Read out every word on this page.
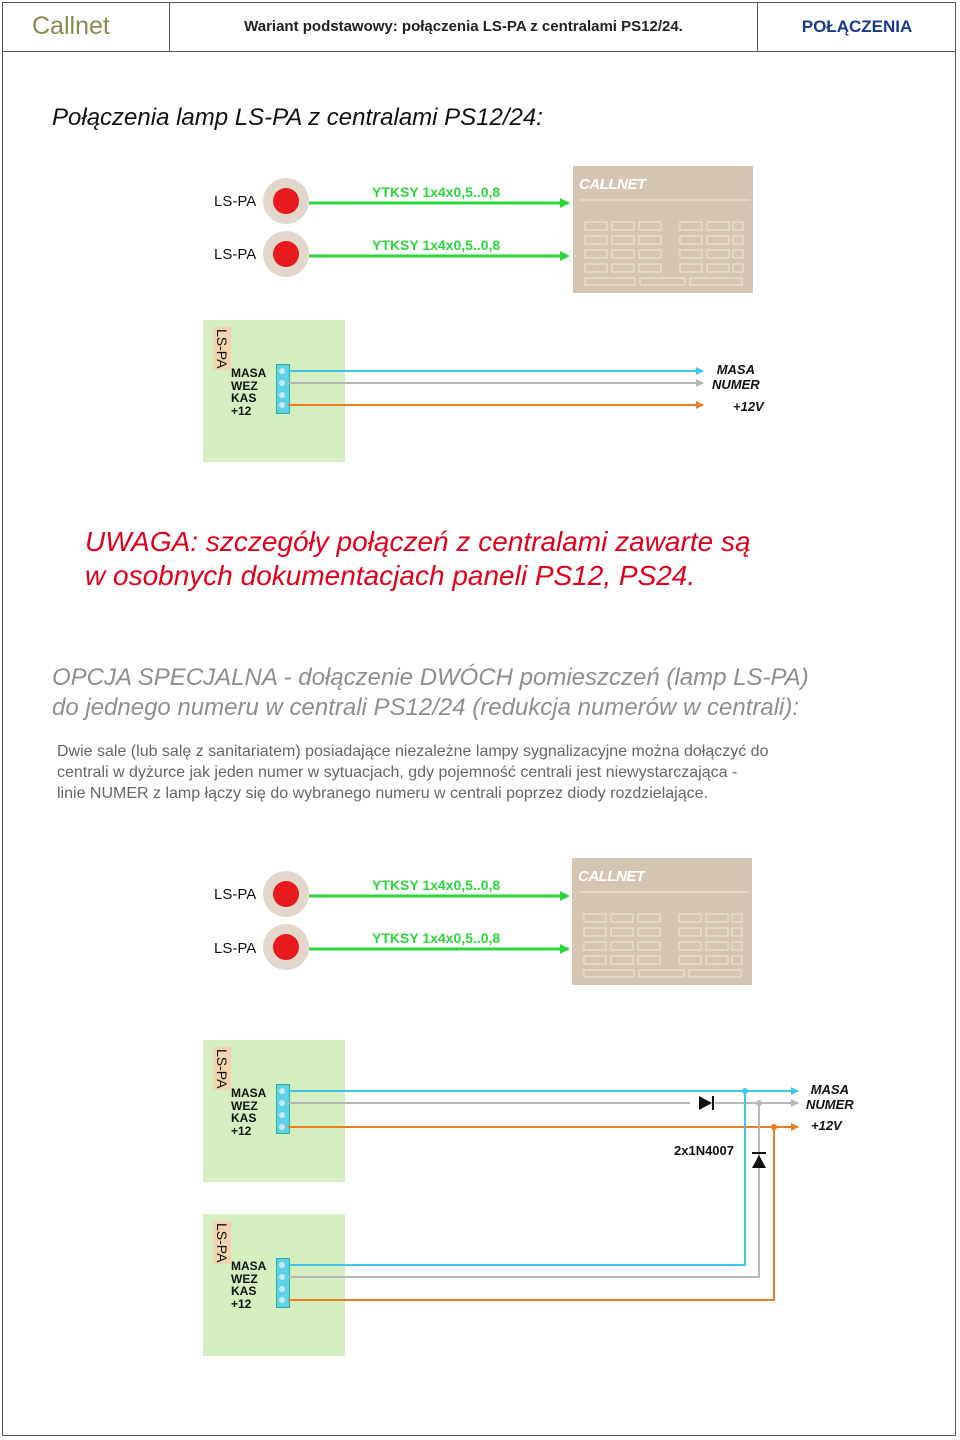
Callnet	Wariant podstawowy: połączenia LS-PA z centralami PS12/24.	POŁĄCZENIA
Połączenia lamp LS-PA z centralami PS12/24:
LS-PA
LS-PA
YTKSY 1x4x0,5..0,8
YTKSY 1x4x0,5..0,8
CALLNET
LS-PA
MASA
WEZ
KAS
+12
MASA
NUMER
+12V
UWAGA: szczegóły połączeń z centralami zawarte są
w osobnych dokumentacjach paneli PS12, PS24.
OPCJA SPECJALNA - dołączenie DWÓCH pomieszczeń (lamp LS-PA)
do jednego numeru w centrali PS12/24 (redukcja numerów w centrali):
Dwie sale (lub salę z sanitariatem) posiadające niezależne lampy sygnalizacyjne można dołączyć do
centrali w dyżurce jak jeden numer w sytuacjach, gdy pojemność centrali jest niewystarczająca -
linie NUMER z lamp łączy się do wybranego numeru w centrali poprzez diody rozdzielające.
LS-PA
LS-PA
YTKSY 1x4x0,5..0,8
YTKSY 1x4x0,5..0,8
CALLNET
LS-PA
MASA
WEZ
KAS
+12
LS-PA
MASA
WEZ
KAS
+12
MASA
NUMER
+12V
2x1N4007
